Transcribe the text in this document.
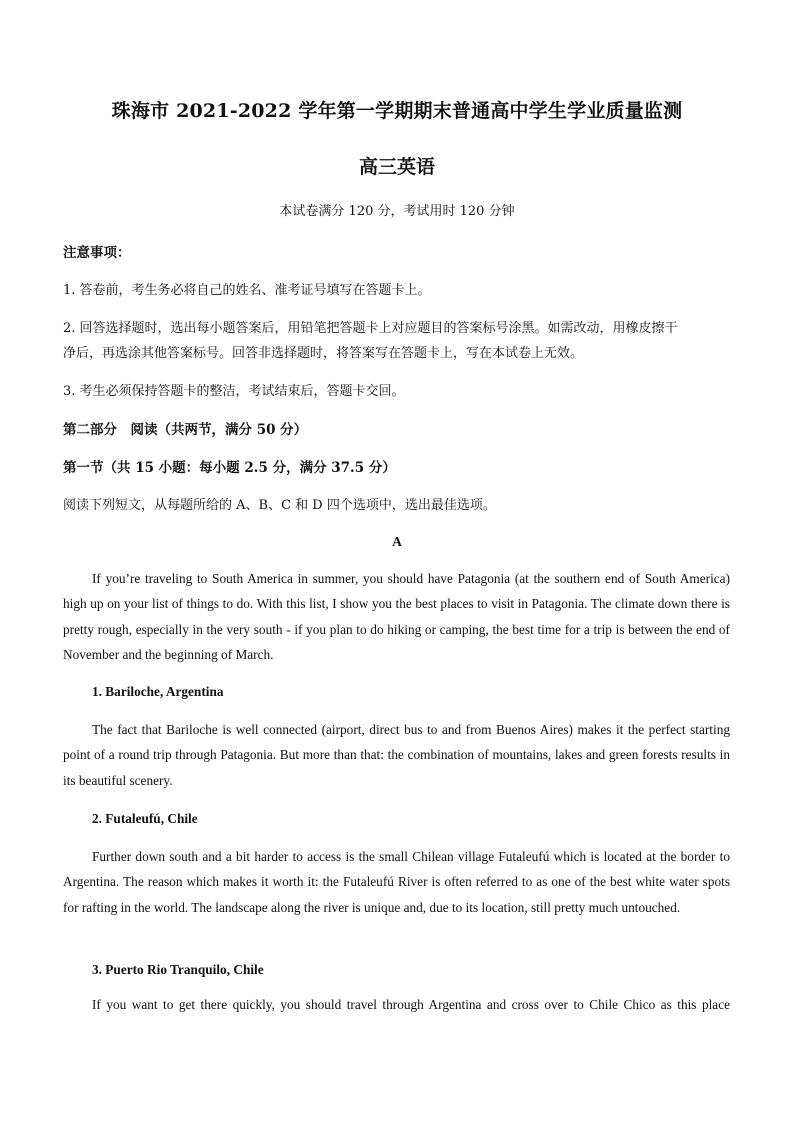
珠海市 2021-2022 学年第一学期期末普通高中学生学业质量监测
高三英语
本试卷满分 120 分，考试用时 120 分钟
注意事项：
1. 答卷前，考生务必将自己的姓名、准考证号填写在答题卡上。
2. 回答选择题时，选出每小题答案后，用铅笔把答题卡上对应题目的答案标号涂黑。如需改动，用橡皮擦干
净后，再选涂其他答案标号。回答非选择题时，将答案写在答题卡上，写在本试卷上无效。
3. 考生必须保持答题卡的整洁，考试结束后，答题卡交回。
第二部分　阅读（共两节，满分 50 分）
第一节（共 15 小题：每小题 2.5 分，满分 37.5 分）
阅读下列短文，从每题所给的 A、B、C 和 D 四个选项中，选出最佳选项。
A
If you’re traveling to South America in summer, you should have Patagonia (at the southern end of South America) high up on your list of things to do. With this list, I show you the best places to visit in Patagonia. The climate down there is pretty rough, especially in the very south - if you plan to do hiking or camping, the best time for a trip is between the end of November and the beginning of March.
1. Bariloche, Argentina
The fact that Bariloche is well connected (airport, direct bus to and from Buenos Aires) makes it the perfect starting point of a round trip through Patagonia. But more than that: the combination of mountains, lakes and green forests results in its beautiful scenery.
2. Futaleufú, Chile
Further down south and a bit harder to access is the small Chilean village Futaleufú which is located at the border to Argentina. The reason which makes it worth it: the Futaleufú River is often referred to as one of the best white water spots for rafting in the world. The landscape along the river is unique and, due to its location, still pretty much untouched.
3. Puerto Rio Tranquilo, Chile
If you want to get there quickly, you should travel through Argentina and cross over to Chile Chico as this place
